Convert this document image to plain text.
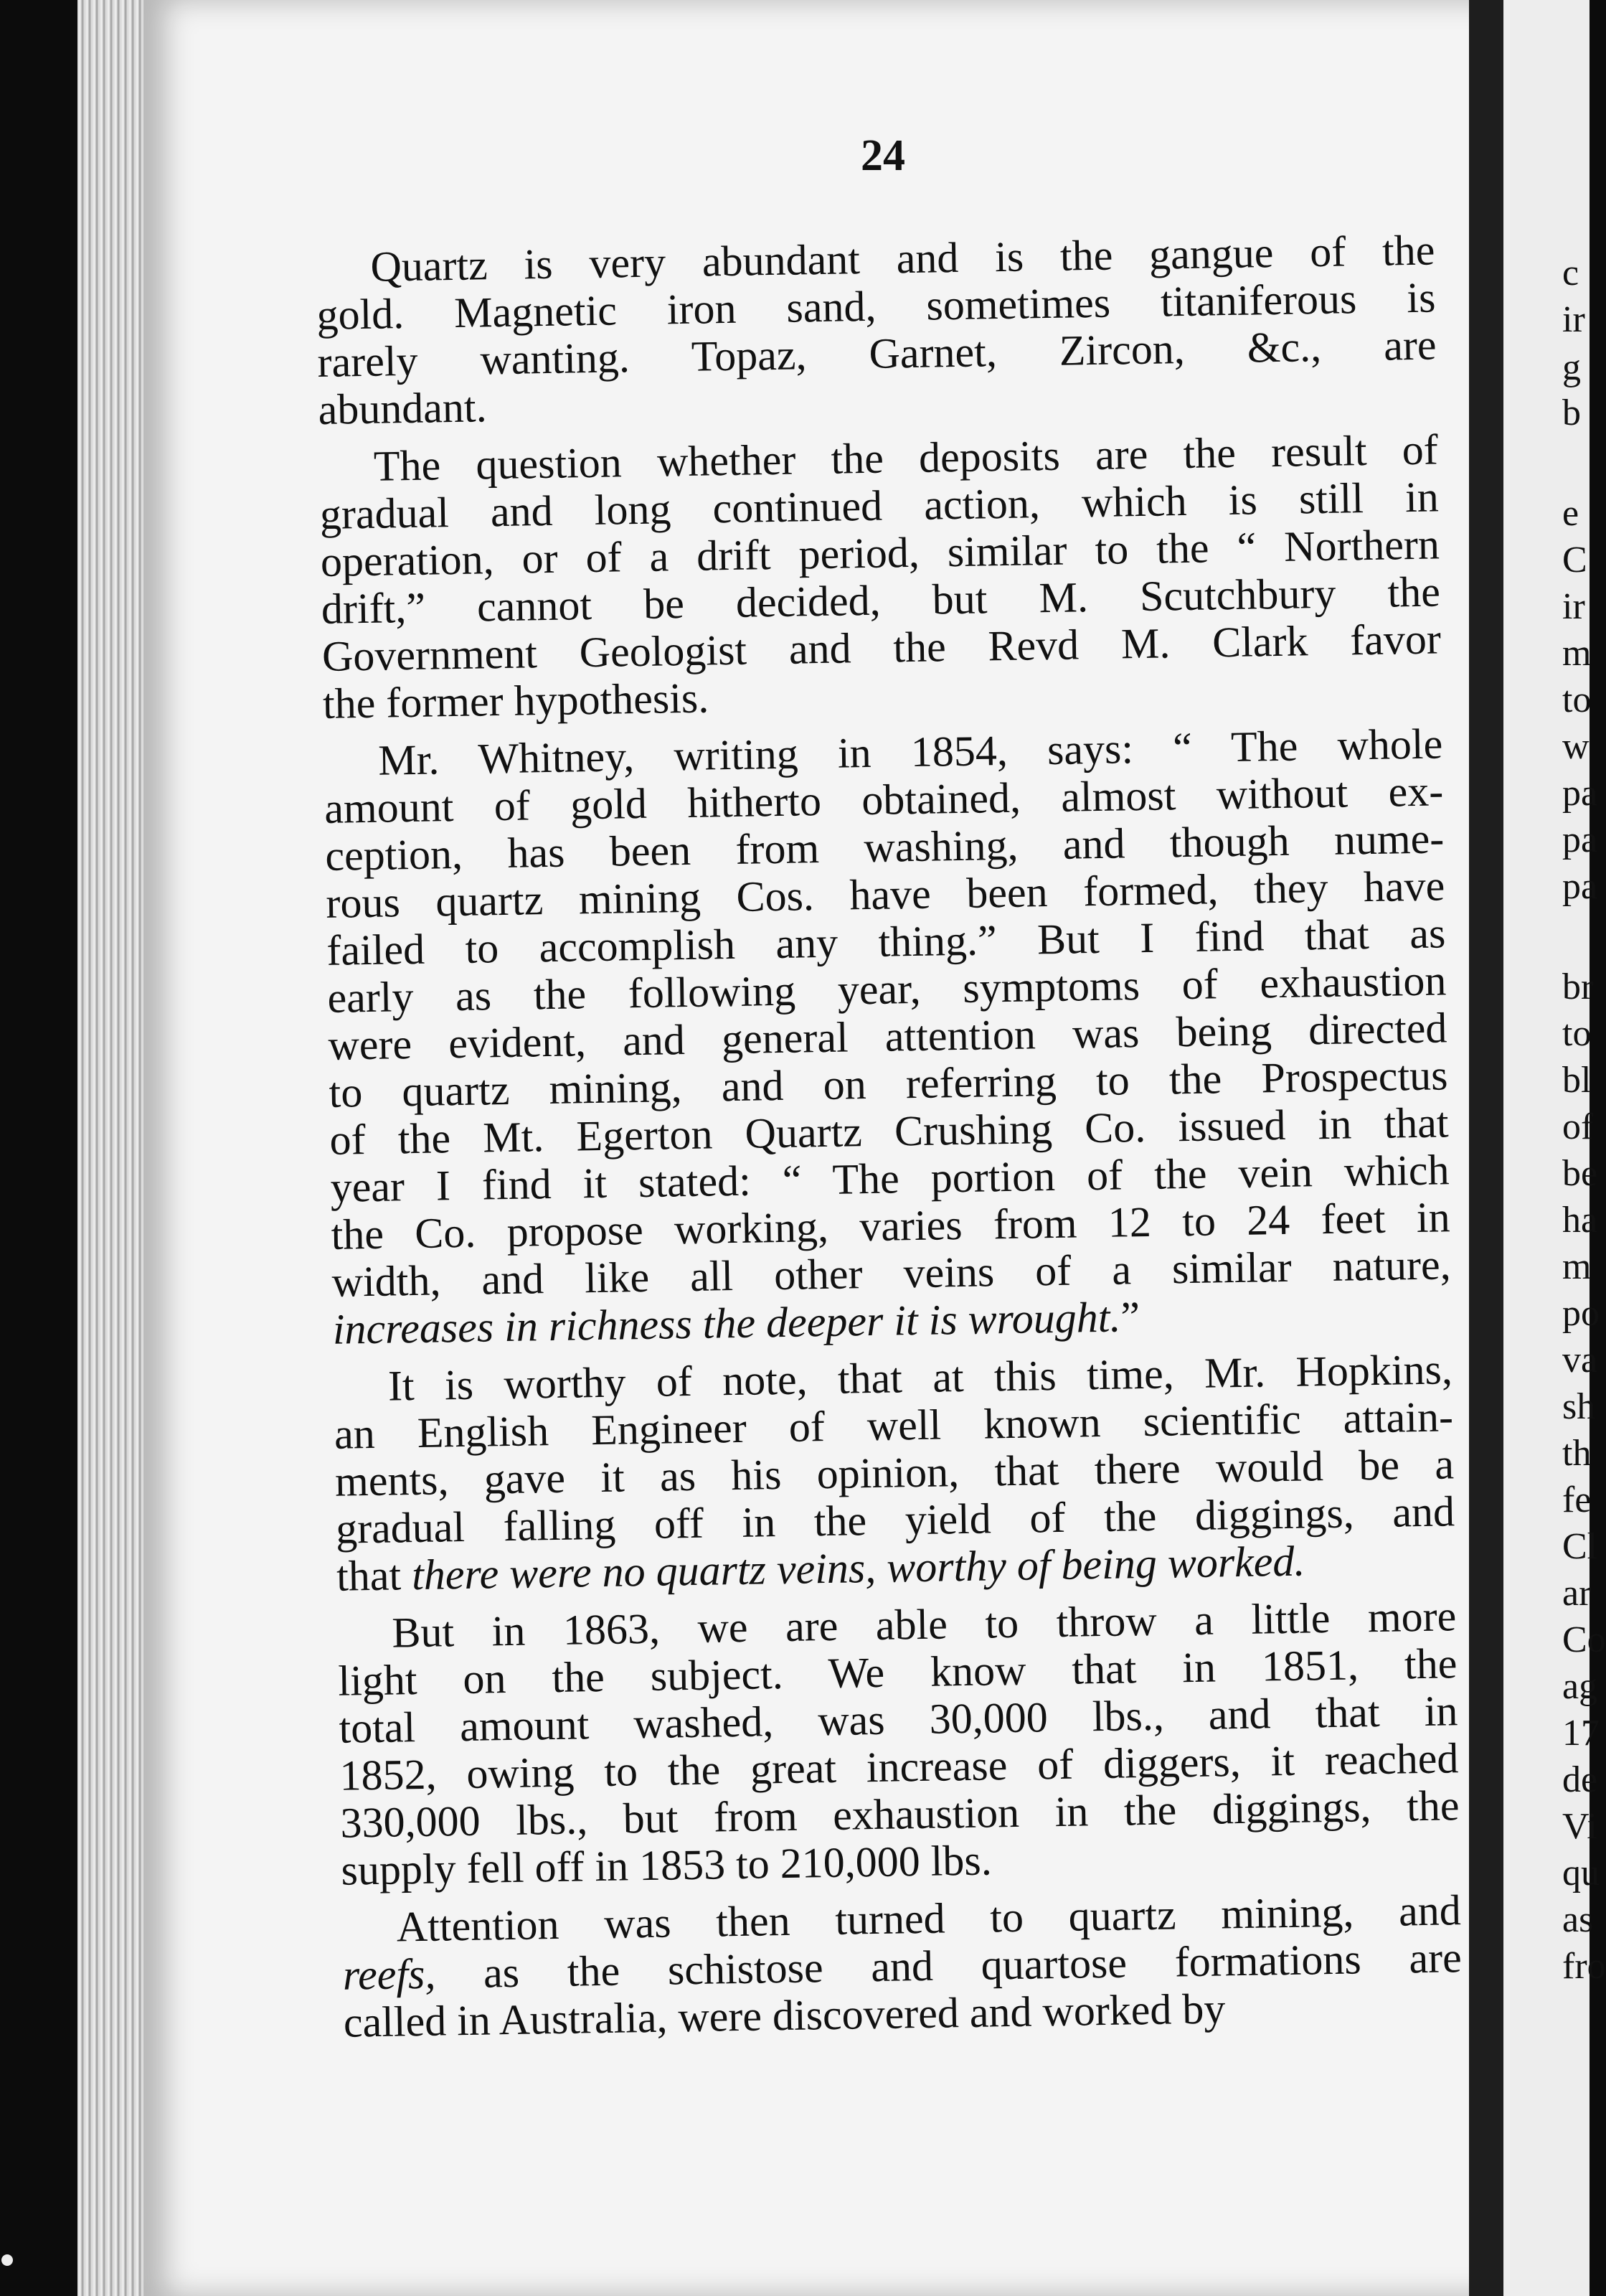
c
ir
g
b
e
C
ir
m
to
w
pa
pa
pa
br
to
bl
of
be
ha
m
po
va
sh
th
fe
Cl
ar
Co
ag
17
de
Vi
qu
as
fro
24
Quartz is very abundant and is the gangue of the
gold. Magnetic iron sand, sometimes titaniferous is
rarely wanting. Topaz, Garnet, Zircon, &c., are
abundant.
The question whether the deposits are the result of
gradual and long continued action, which is still in
operation, or of a drift period, similar to the “ Northern
drift,” cannot be decided, but M. Scutchbury the
Government Geologist and the Revd M. Clark favor
the former hypothesis.
Mr. Whitney, writing in 1854, says: “ The whole
amount of gold hitherto obtained, almost without ex-
ception, has been from washing, and though nume-
rous quartz mining Cos. have been formed, they have
failed to accomplish any thing.” But I find that as
early as the following year, symptoms of exhaustion
were evident, and general attention was being directed
to quartz mining, and on referring to the Prospectus
of the Mt. Egerton Quartz Crushing Co. issued in that
year I find it stated: “ The portion of the vein which
the Co. propose working, varies from 12 to 24 feet in
width, and like all other veins of a similar nature,
increases in richness the deeper it is wrought.”
It is worthy of note, that at this time, Mr. Hopkins,
an English Engineer of well known scientific attain-
ments, gave it as his opinion, that there would be a
gradual falling off in the yield of the diggings, and
that there were no quartz veins, worthy of being worked.
But in 1863, we are able to throw a little more
light on the subject. We know that in 1851, the
total amount washed, was 30,000 lbs., and that in
1852, owing to the great increase of diggers, it reached
330,000 lbs., but from exhaustion in the diggings, the
supply fell off in 1853 to 210,000 lbs.
Attention was then turned to quartz mining, and
reefs, as the schistose and quartose formations are
called in Australia, were discovered and worked by
